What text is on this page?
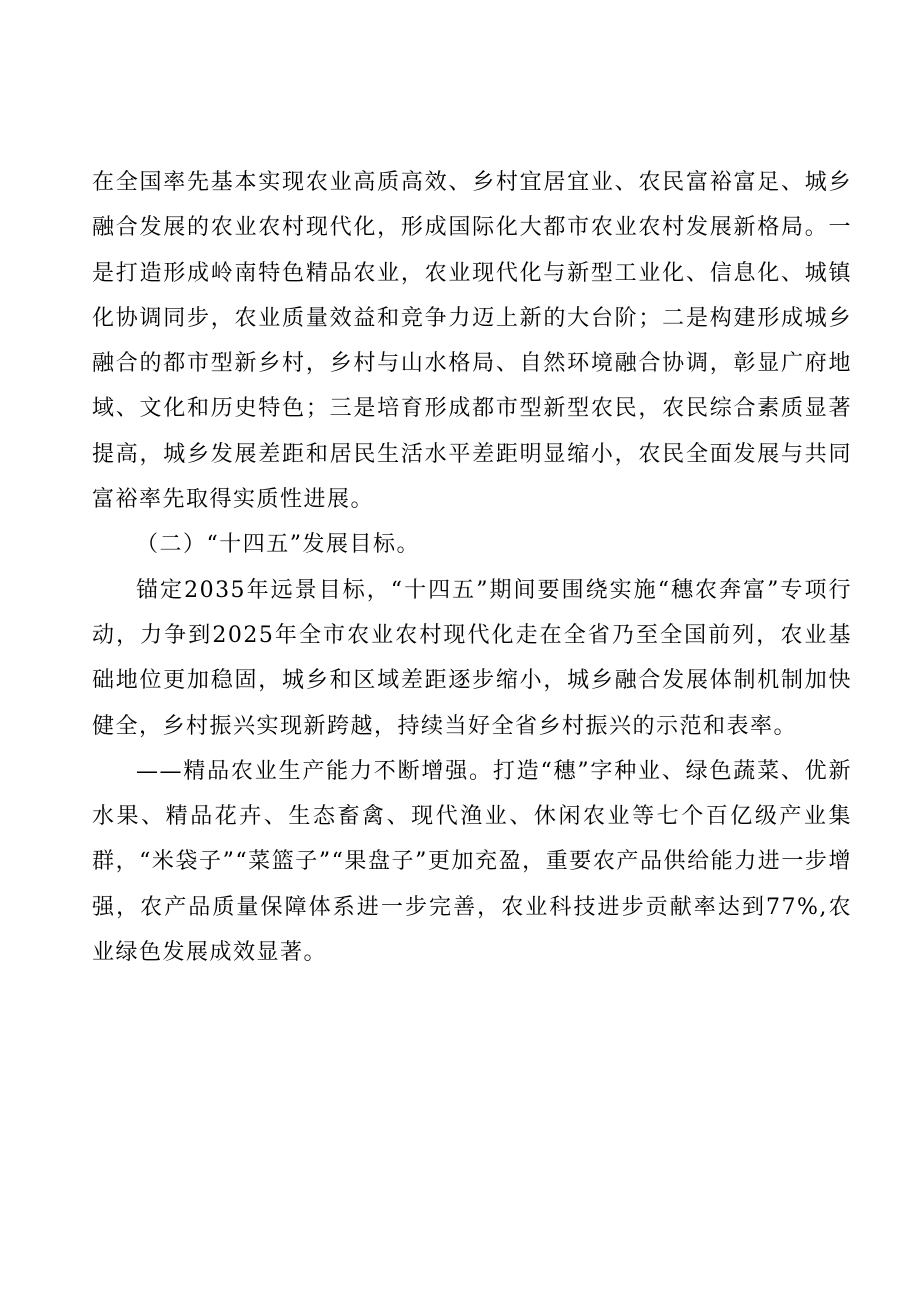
在全国率先基本实现农业高质高效、乡村宜居宜业、农民富裕富足、城乡融合发展的农业农村现代化，形成国际化大都市农业农村发展新格局。一是打造形成岭南特色精品农业，农业现代化与新型工业化、信息化、城镇化协调同步，农业质量效益和竞争力迈上新的大台阶；二是构建形成城乡融合的都市型新乡村，乡村与山水格局、自然环境融合协调，彰显广府地域、文化和历史特色；三是培育形成都市型新型农民，农民综合素质显著提高，城乡发展差距和居民生活水平差距明显缩小，农民全面发展与共同富裕率先取得实质性进展。

（二）“十四五”发展目标。

锚定2035年远景目标，“十四五”期间要围绕实施“穗农奔富”专项行动，力争到2025年全市农业农村现代化走在全省乃至全国前列，农业基础地位更加稳固，城乡和区域差距逐步缩小，城乡融合发展体制机制加快健全，乡村振兴实现新跨越，持续当好全省乡村振兴的示范和表率。

——精品农业生产能力不断增强。打造“穗”字种业、绿色蔬菜、优新水果、精品花卉、生态畜禽、现代渔业、休闲农业等七个百亿级产业集群，“米袋子”“菜篮子”“果盘子”更加充盈，重要农产品供给能力进一步增强，农产品质量保障体系进一步完善，农业科技进步贡献率达到77%,农业绿色发展成效显著。
